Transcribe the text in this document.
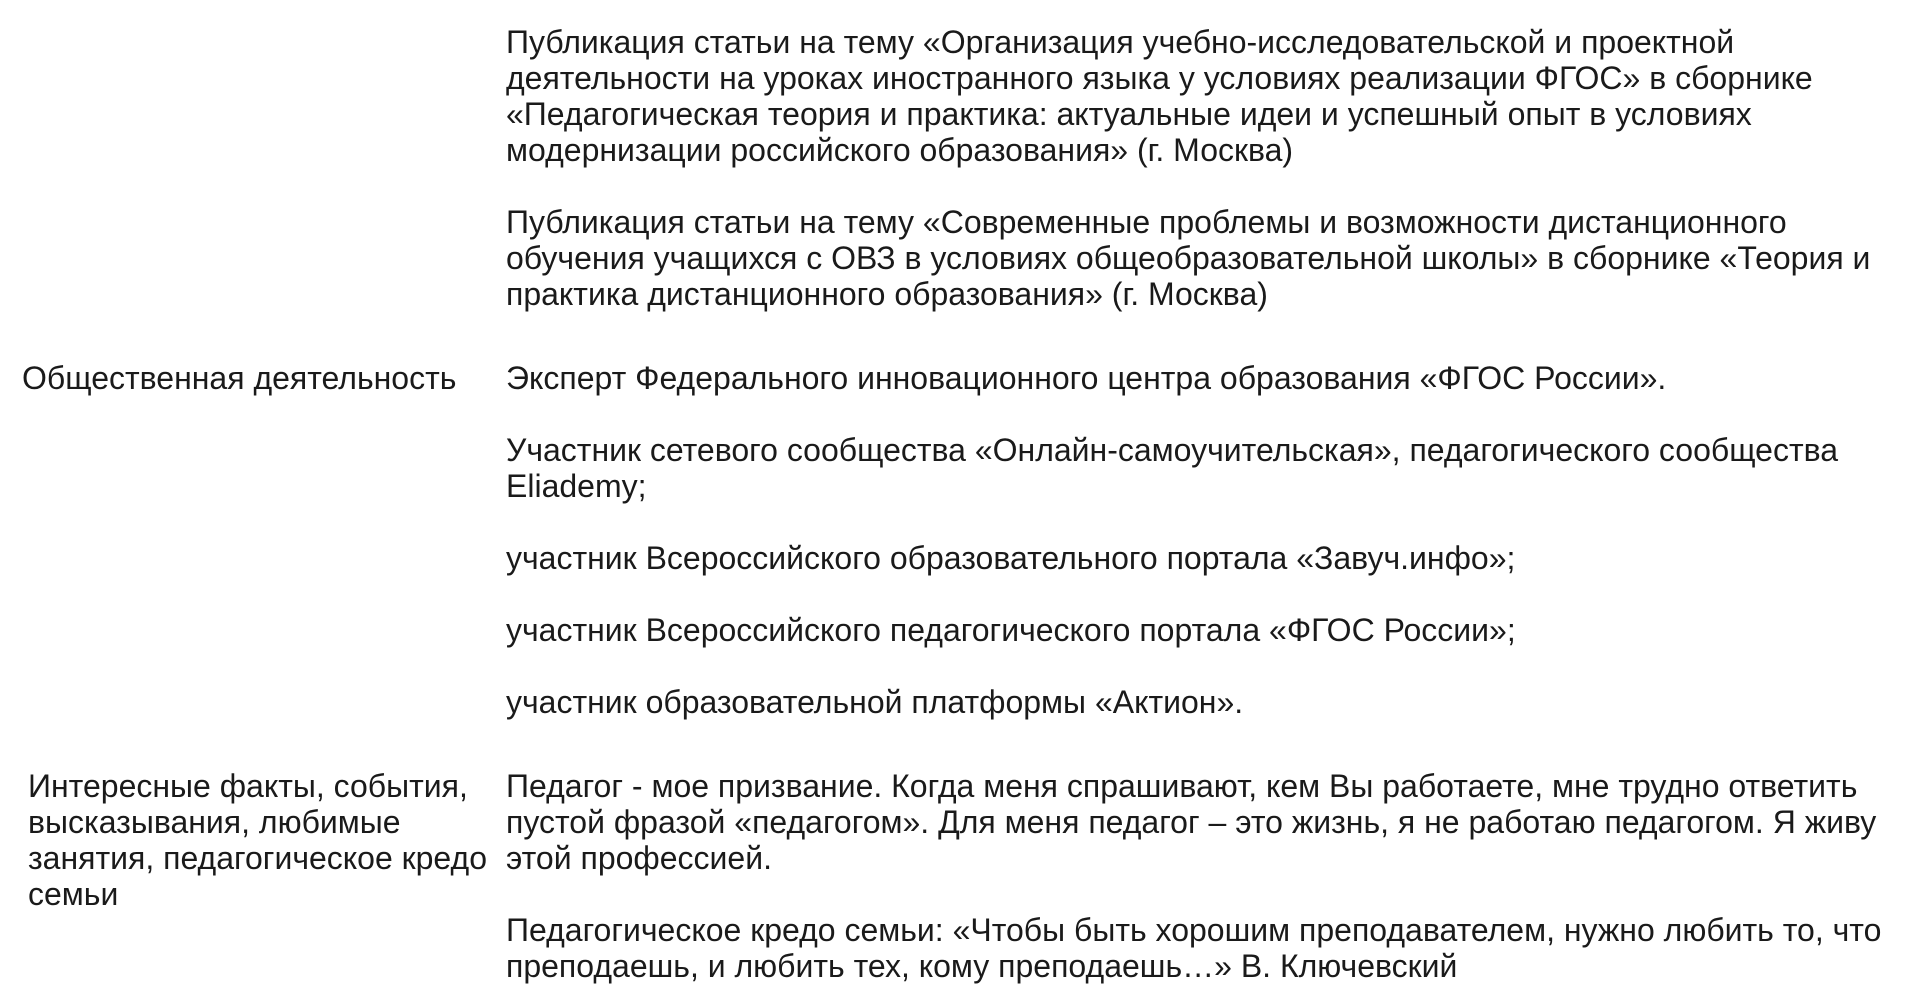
Публикация статьи на тему «Организация учебно-исследовательской и проектной деятельности на уроках иностранного языка у условиях реализации ФГОС» в сборнике «Педагогическая теория и практика: актуальные идеи и успешный опыт в условиях модернизации российского образования» (г. Москва)

Публикация статьи на тему «Современные проблемы и возможности дистанционного обучения учащихся с ОВЗ в условиях общеобразовательной школы» в сборнике «Теория и практика дистанционного образования» (г. Москва)

Общественная деятельность	Эксперт Федерального инновационного центра образования «ФГОС России».

Участник сетевого сообщества «Онлайн-самоучительская», педагогического сообщества Eliademy;

участник Всероссийского образовательного портала «Завуч.инфо»;

участник Всероссийского педагогического портала «ФГОС России»;

участник образовательной платформы «Актион».

Интересные факты, события, высказывания, любимые занятия, педагогическое кредо семьи

Педагог - мое призвание. Когда меня спрашивают, кем Вы работаете, мне трудно ответить пустой фразой «педагогом». Для меня педагог – это жизнь, я не работаю педагогом. Я живу этой профессией.

Педагогическое кредо семьи: «Чтобы быть хорошим преподавателем, нужно любить то, что преподаешь, и любить тех, кому преподаешь…» В. Ключевский
